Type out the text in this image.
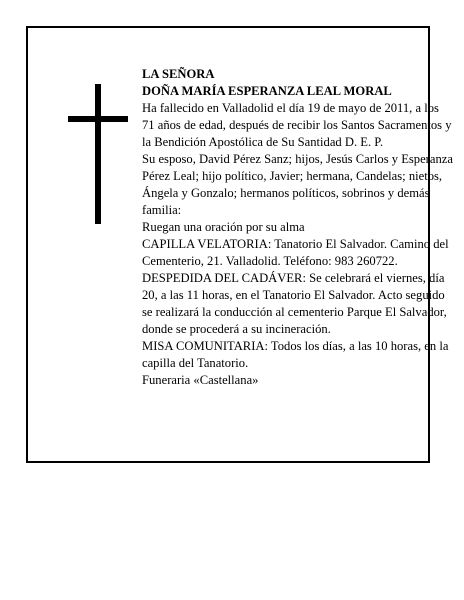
LA SEÑORA

DOÑA MARÍA ESPERANZA LEAL MORAL

Ha fallecido en Valladolid el día 19 de mayo de 2011, a los 71 años de edad, después de recibir los Santos Sacramentos y la Bendición Apostólica de Su Santidad D. E. P.

Su esposo, David Pérez Sanz; hijos, Jesús Carlos y Esperanza Pérez Leal; hijo político, Javier; hermana, Candelas; nietos, Ángela y Gonzalo; hermanos políticos, sobrinos y demás familia:

Ruegan una oración por su alma

CAPILLA VELATORIA: Tanatorio El Salvador. Camino del Cementerio, 21. Valladolid. Teléfono: 983 260722.

DESPEDIDA DEL CADÁVER: Se celebrará el viernes, día 20, a las 11 horas, en el Tanatorio El Salvador. Acto seguido se realizará la conducción al cementerio Parque El Salvador, donde se procederá a su incineración.

MISA COMUNITARIA: Todos los días, a las 10 horas, en la capilla del Tanatorio.

Funeraria «Castellana»
